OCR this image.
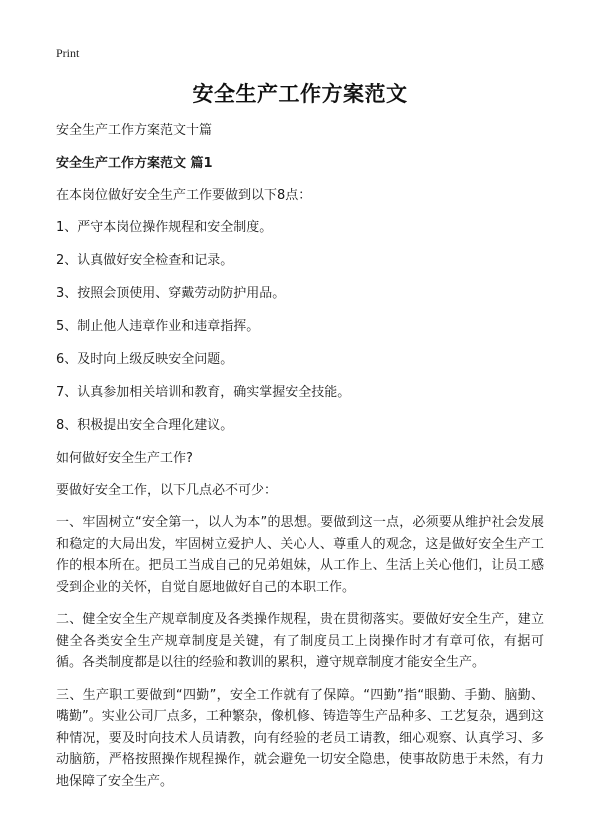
Print
安全生产工作方案范文

安全生产工作方案范文十篇

安全生产工作方案范文 篇1

在本岗位做好安全生产工作要做到以下8点：

1、严守本岗位操作规程和安全制度。

2、认真做好安全检查和记录。

3、按照会顶使用、穿戴劳动防护用品。

5、制止他人违章作业和违章指挥。

6、及时向上级反映安全问题。

7、认真参加相关培训和教育，确实掌握安全技能。

8、积极提出安全合理化建议。

如何做好安全生产工作?

要做好安全工作，以下几点必不可少：

一、牢固树立“安全第一，以人为本”的思想。要做到这一点，必须要从维护社会发展和稳定的大局出发，牢固树立爱护人、关心人、尊重人的观念，这是做好安全生产工作的根本所在。把员工当成自己的兄弟姐妹，从工作上、生活上关心他们，让员工感受到企业的关怀，自觉自愿地做好自己的本职工作。

二、健全安全生产规章制度及各类操作规程，贵在贯彻落实。要做好安全生产，建立健全各类安全生产规章制度是关键，有了制度员工上岗操作时才有章可依，有据可循。各类制度都是以往的经验和教训的累积，遵守规章制度才能安全生产。

三、生产职工要做到“四勤”，安全工作就有了保障。“四勤”指“眼勤、手勤、脑勤、嘴勤”。实业公司厂点多，工种繁杂，像机修、铸造等生产品种多、工艺复杂，遇到这种情况，要及时向技术人员请教，向有经验的老员工请教，细心观察、认真学习、多动脑筋，严格按照操作规程操作，就会避免一切安全隐患，使事故防患于未然，有力地保障了安全生产。
